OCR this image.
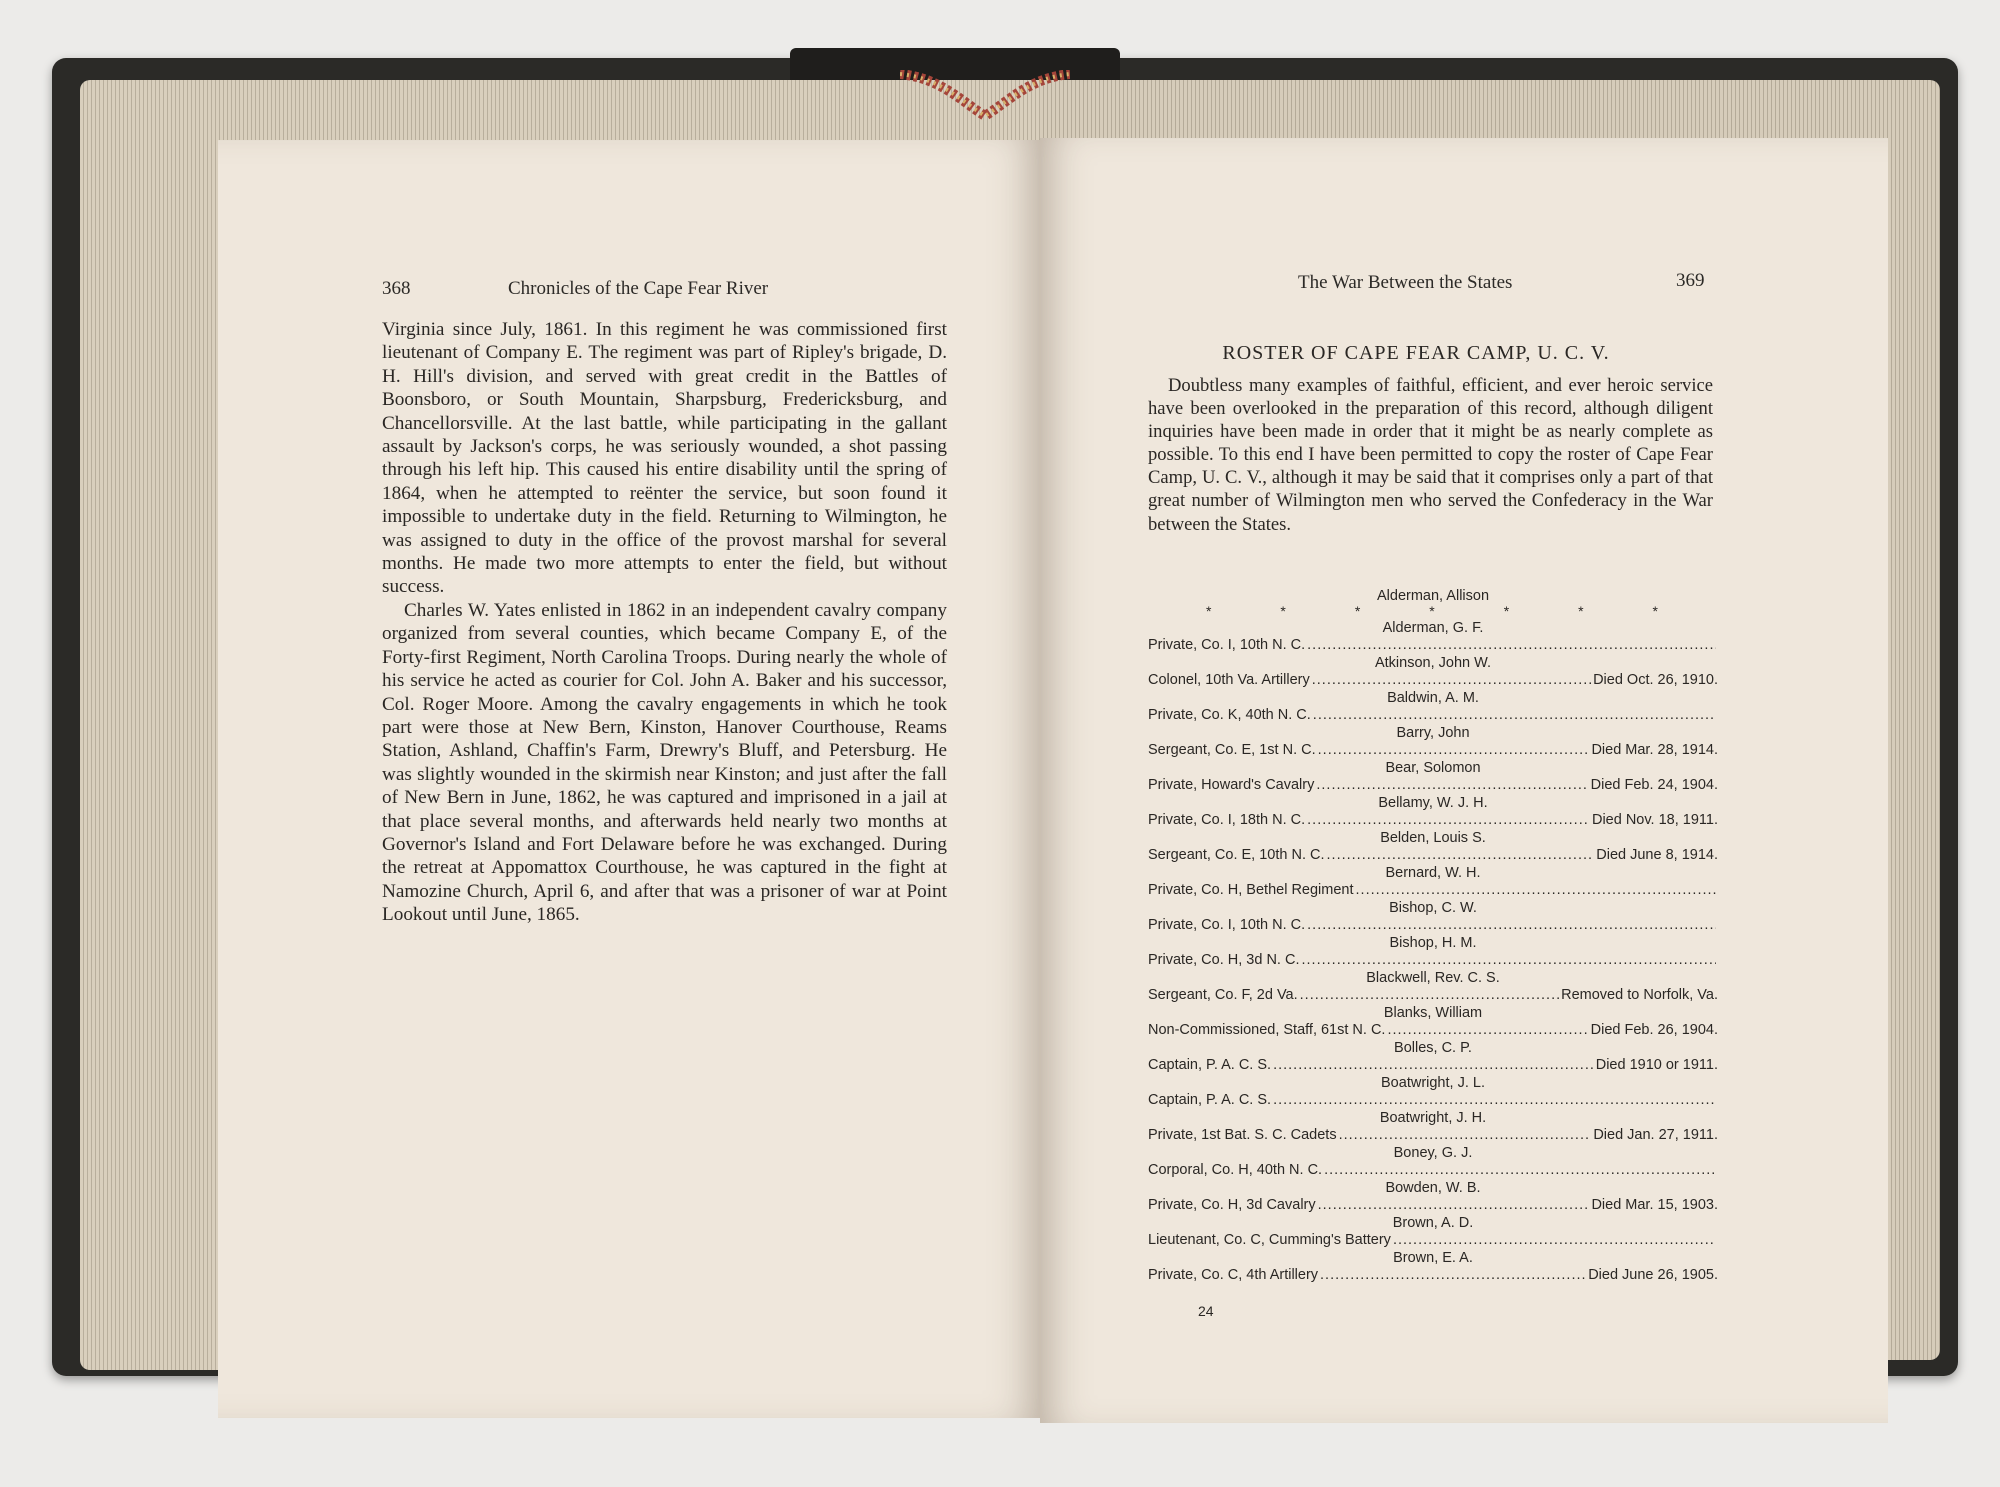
368	Chronicles of the Cape Fear River

Virginia since July, 1861. In this regiment he was commissioned first lieutenant of Company E. The regiment was part of Ripley's brigade, D. H. Hill's division, and served with great credit in the Battles of Boonsboro, or South Mountain, Sharpsburg, Fredericksburg, and Chancellorsville. At the last battle, while participating in the gallant assault by Jackson's corps, he was seriously wounded, a shot passing through his left hip. This caused his entire disability until the spring of 1864, when he attempted to reënter the service, but soon found it impossible to undertake duty in the field. Returning to Wilmington, he was assigned to duty in the office of the provost marshal for several months. He made two more attempts to enter the field, but without success.

Charles W. Yates enlisted in 1862 in an independent cavalry company organized from several counties, which became Company E, of the Forty-first Regiment, North Carolina Troops. During nearly the whole of his service he acted as courier for Col. John A. Baker and his successor, Col. Roger Moore. Among the cavalry engagements in which he took part were those at New Bern, Kinston, Hanover Courthouse, Reams Station, Ashland, Chaffin's Farm, Drewry's Bluff, and Petersburg. He was slightly wounded in the skirmish near Kinston; and just after the fall of New Bern in June, 1862, he was captured and imprisoned in a jail at that place several months, and afterwards held nearly two months at Governor's Island and Fort Delaware before he was exchanged. During the retreat at Appomattox Courthouse, he was captured in the fight at Namozine Church, April 6, and after that was a prisoner of war at Point Lookout until June, 1865.

The War Between the States	369
ROSTER OF CAPE FEAR CAMP, U. C. V.

Doubtless many examples of faithful, efficient, and ever heroic service have been overlooked in the preparation of this record, although diligent inquiries have been made in order that it might be as nearly complete as possible. To this end I have been permitted to copy the roster of Cape Fear Camp, U. C. V., although it may be said that it comprises only a part of that great number of Wilmington men who served the Confederacy in the War between the States.

Alderman, Allison
*	*	*	*	*	*	*
Alderman, G. F.
Private, Co. I, 10th N. C.
.....
Atkinson, John W.
Colonel, 10th Va. Artillery .....	Died Oct. 26, 1910.
Baldwin, A. M.
Private, Co. K, 40th N. C.
.....
Barry, John
Sergeant, Co. E, 1st N. C. .....	Died Mar. 28, 1914.
Bear, Solomon
Private, Howard's Cavalry .....	Died Feb. 24, 1904.
Bellamy, W. J. H.
Private, Co. I, 18th N. C. .....	Died Nov. 18, 1911.
Belden, Louis S.
Sergeant, Co. E, 10th N. C. .....	Died June 8, 1914.
Bernard, W. H.
Private, Co. H, Bethel Regiment
.....
Bishop, C. W.
Private, Co. I, 10th N. C.
.....
Bishop, H. M.
Private, Co. H, 3d N. C.
.....
Blackwell, Rev. C. S.
Sergeant, Co. F, 2d Va. .....	Removed to Norfolk, Va.
Blanks, William
Non-Commissioned, Staff, 61st N. C. .....	Died Feb. 26, 1904.
Bolles, C. P.
Captain, P. A. C. S. .....	Died 1910 or 1911.
Boatwright, J. L.
Captain, P. A. C. S.
.....
Boatwright, J. H.
Private, 1st Bat. S. C. Cadets .....	Died Jan. 27, 1911.
Boney, G. J.
Corporal, Co. H, 40th N. C.
.....
Bowden, W. B.
Private, Co. H, 3d Cavalry .....	Died Mar. 15, 1903.
Brown, A. D.
Lieutenant, Co. C, Cumming's Battery
.....
Brown, E. A.
Private, Co. C, 4th Artillery .....	Died June 26, 1905.
24
